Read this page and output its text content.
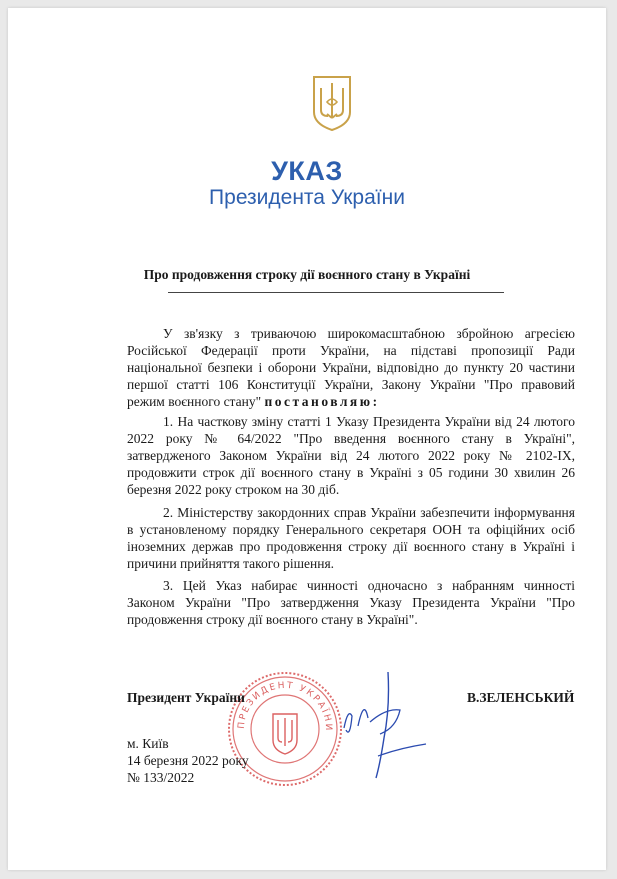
УКАЗ
Президента України
Про продовження строку дії воєнного стану в Україні
У зв'язку з триваючою широкомасштабною збройною агресією Російської Федерації проти України, на підставі пропозиції Ради національної безпеки і оборони України, відповідно до пункту 20 частини першої статті 106 Конституції України, Закону України "Про правовий режим воєнного стану" постановляю:
1. На часткову зміну статті 1 Указу Президента України від 24 лютого 2022 року № 64/2022 "Про введення воєнного стану в Україні", затвердженого Законом України від 24 лютого 2022 року № 2102-IX, продовжити строк дії воєнного стану в Україні з 05 години 30 хвилин 26 березня 2022 року строком на 30 діб.
2. Міністерству закордонних справ України забезпечити інформування в установленому порядку Генерального секретаря ООН та офіційних осіб іноземних держав про продовження строку дії воєнного стану в Україні і причини прийняття такого рішення.
3. Цей Указ набирає чинності одночасно з набранням чинності Законом України "Про затвердження Указу Президента України "Про продовження строку дії воєнного стану в Україні".
ПРЕЗИДЕНТ УКРАЇНИ
Президент України	В.ЗЕЛЕНСЬКИЙ
м. Київ
14 березня 2022 року
№ 133/2022
